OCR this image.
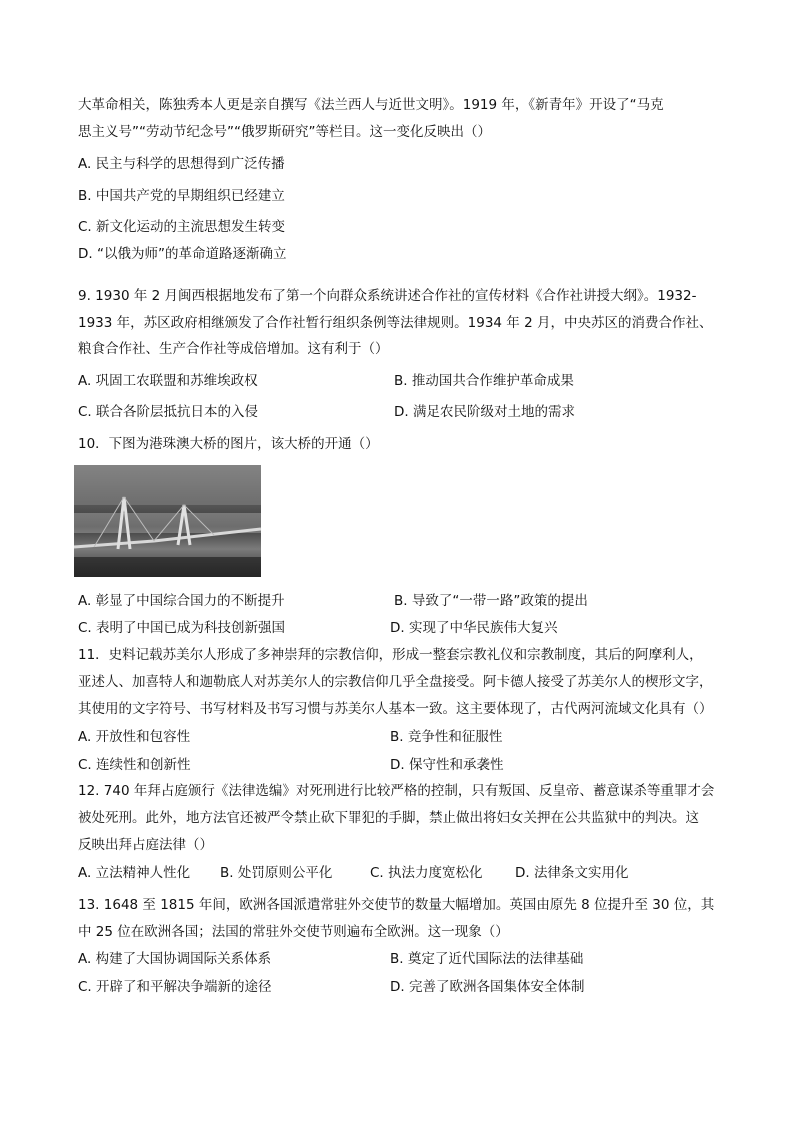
大革命相关，陈独秀本人更是亲自撰写《法兰西人与近世文明》。1919 年，《新青年》开设了“马克
思主义号”“劳动节纪念号”“俄罗斯研究”等栏目。这一变化反映出（）
A. 民主与科学的思想得到广泛传播
B. 中国共产党的早期组织已经建立
C. 新文化运动的主流思想发生转变
D. “以俄为师”的革命道路逐渐确立
9. 1930 年 2 月闽西根据地发布了第一个向群众系统讲述合作社的宣传材料《合作社讲授大纲》。1932-
1933 年，苏区政府相继颁发了合作社暂行组织条例等法律规则。1934 年 2 月，中央苏区的消费合作社、
粮食合作社、生产合作社等成倍增加。这有利于（）
A. 巩固工农联盟和苏维埃政权	B. 推动国共合作维护革命成果
C. 联合各阶层抵抗日本的入侵	D. 满足农民阶级对土地的需求
10．下图为港珠澳大桥的图片，该大桥的开通（）
A. 彰显了中国综合国力的不断提升	B. 导致了“一带一路”政策的提出
C. 表明了中国已成为科技创新强国	D. 实现了中华民族伟大复兴
11．史料记载苏美尔人形成了多神崇拜的宗教信仰，形成一整套宗教礼仪和宗教制度，其后的阿摩利人，
亚述人、加喜特人和迦勒底人对苏美尔人的宗教信仰几乎全盘接受。阿卡德人接受了苏美尔人的楔形文字，
其使用的文字符号、书写材料及书写习惯与苏美尔人基本一致。这主要体现了，古代两河流域文化具有（）
A. 开放性和包容性	B. 竞争性和征服性
C. 连续性和创新性	D. 保守性和承袭性
12. 740 年拜占庭颁行《法律选编》对死刑进行比较严格的控制，只有叛国、反皇帝、蓄意谋杀等重罪才会
被处死刑。此外，地方法官还被严令禁止砍下罪犯的手脚，禁止做出将妇女关押在公共监狱中的判决。这
反映出拜占庭法律（）
A. 立法精神人性化 B. 处罚原则公平化	C. 执法力度宽松化 D. 法律条文实用化
13. 1648 至 1815 年间，欧洲各国派遣常驻外交使节的数量大幅增加。英国由原先 8 位提升至 30 位，其
中 25 位在欧洲各国；法国的常驻外交使节则遍布全欧洲。这一现象（）
A. 构建了大国协调国际关系体系	B. 奠定了近代国际法的法律基础
C. 开辟了和平解决争端新的途径	D. 完善了欧洲各国集体安全体制
